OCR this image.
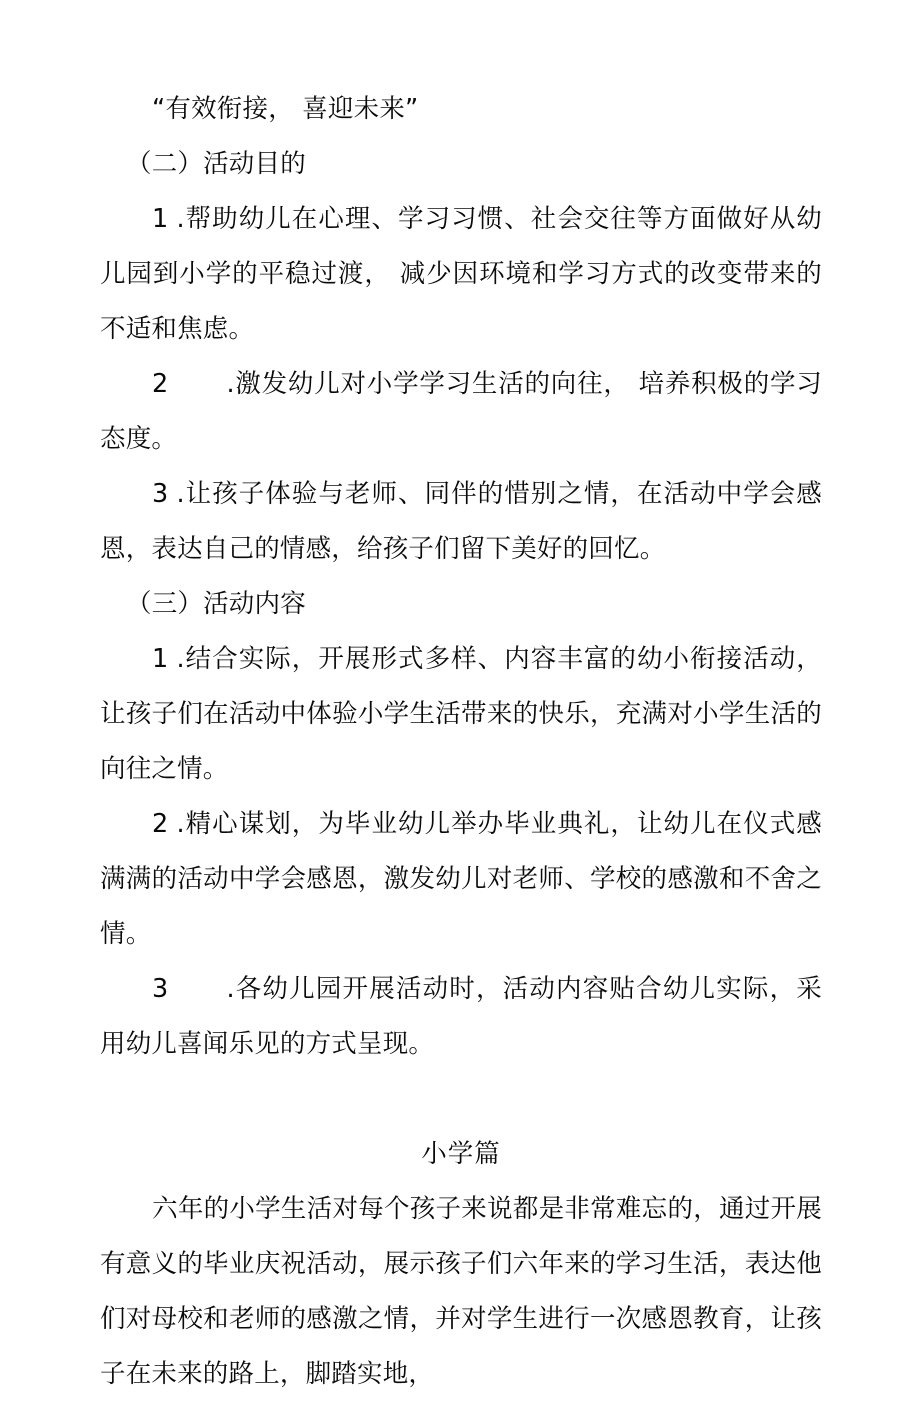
“有效衔接， 喜迎未来”

（二）活动目的

1 .帮助幼儿在心理、学习习惯、社会交往等方面做好从幼儿园到小学的平稳过渡， 减少因环境和学习方式的改变带来的不适和焦虑。

2 .激发幼儿对小学学习生活的向往， 培养积极的学习态度。

3 .让孩子体验与老师、同伴的惜别之情，在活动中学会感恩，表达自己的情感，给孩子们留下美好的回忆。

（三）活动内容

1 .结合实际，开展形式多样、内容丰富的幼小衔接活动，让孩子们在活动中体验小学生活带来的快乐，充满对小学生活的向往之情。

2 .精心谋划，为毕业幼儿举办毕业典礼，让幼儿在仪式感满满的活动中学会感恩，激发幼儿对老师、学校的感激和不舍之情。

3 .各幼儿园开展活动时，活动内容贴合幼儿实际，采用幼儿喜闻乐见的方式呈现。

小学篇

六年的小学生活对每个孩子来说都是非常难忘的，通过开展有意义的毕业庆祝活动，展示孩子们六年来的学习生活，表达他们对母校和老师的感激之情，并对学生进行一次感恩教育，让孩子在未来的路上，脚踏实地，
